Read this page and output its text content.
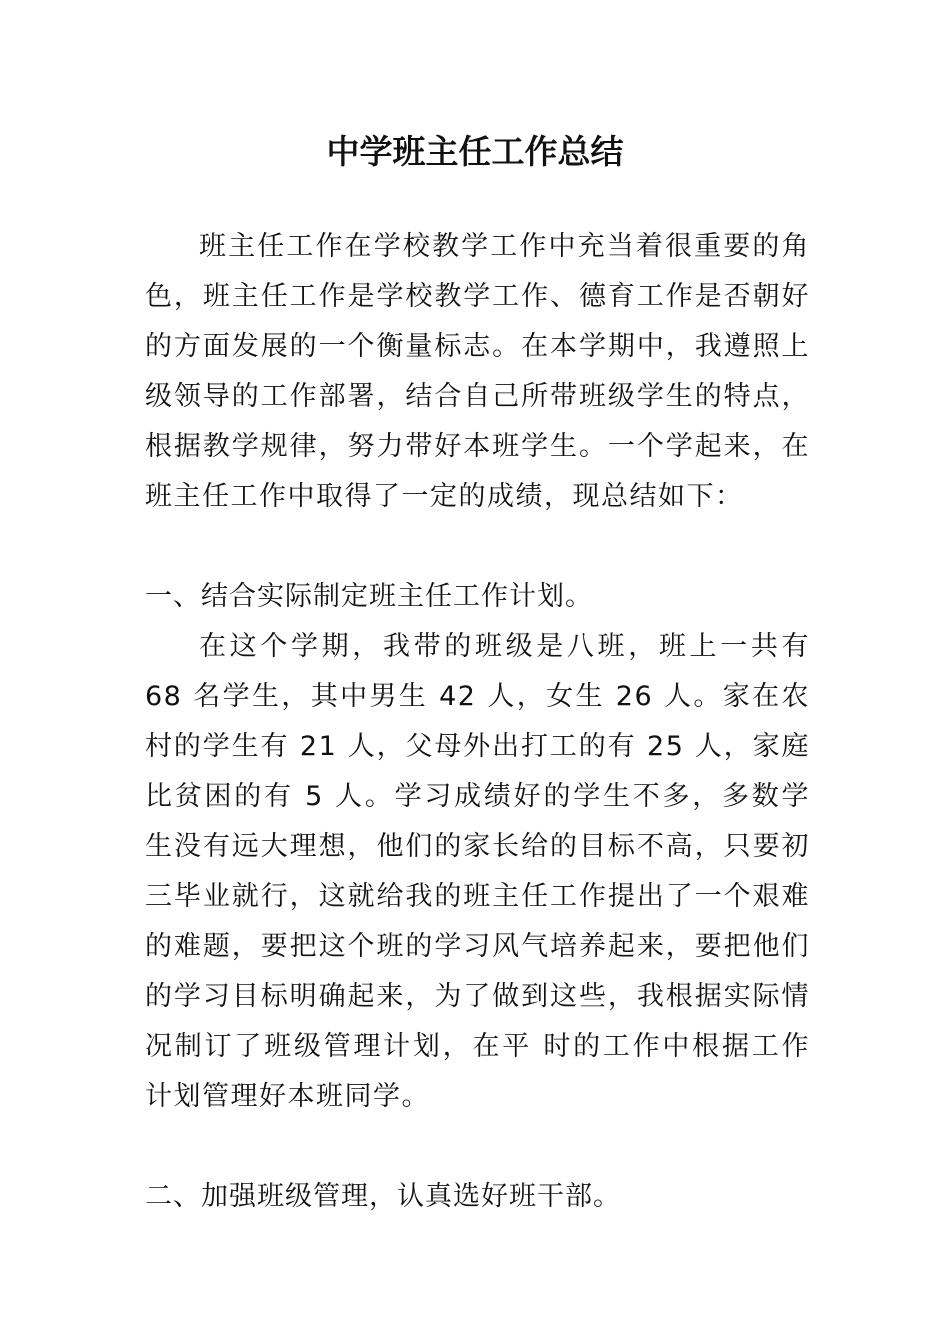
中学班主任工作总结

班主任工作在学校教学工作中充当着很重要的角色，班主任工作是学校教学工作、德育工作是否朝好的方面发展的一个衡量标志。在本学期中，我遵照上级领导的工作部署，结合自己所带班级学生的特点，根据教学规律，努力带好本班学生。一个学起来，在班主任工作中取得了一定的成绩，现总结如下：

一、结合实际制定班主任工作计划。

在这个学期，我带的班级是八班，班上一共有 68 名学生，其中男生 42 人，女生 26 人。家在农村的学生有 21 人，父母外出打工的有 25 人，家庭比贫困的有 5 人。学习成绩好的学生不多，多数学生没有远大理想，他们的家长给的目标不高，只要初三毕业就行，这就给我的班主任工作提出了一个艰难的难题，要把这个班的学习风气培养起来，要把他们的学习目标明确起来，为了做到这些，我根据实际情况制订了班级管理计划，在平 时的工作中根据工作计划管理好本班同学。

二、加强班级管理，认真选好班干部。
